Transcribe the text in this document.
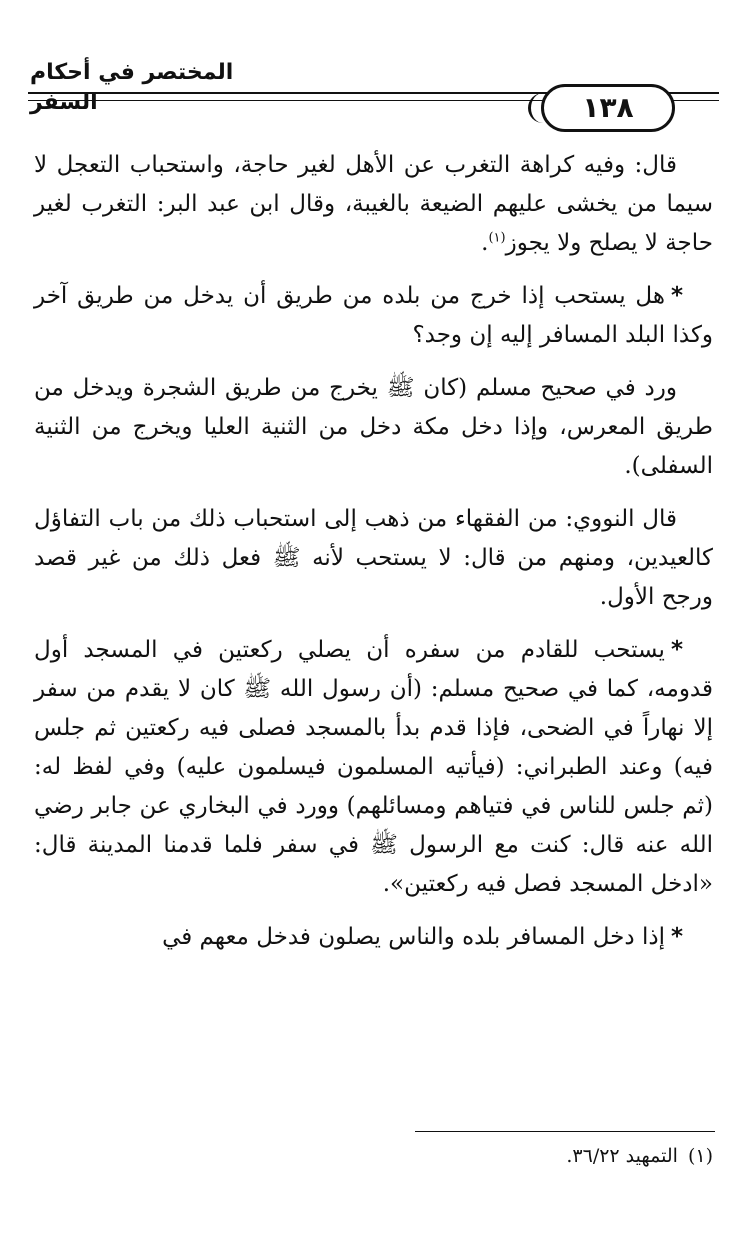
المختصر في أحكام السفر	١٣٨

قال: وفيه كراهة التغرب عن الأهل لغير حاجة، واستحباب التعجل لا سيما من يخشى عليهم الضيعة بالغيبة، وقال ابن عبد البر: التغرب لغير حاجة لا يصلح ولا يجوز$^{(١)}$.

*هل يستحب إذا خرج من بلده من طريق أن يدخل من طريق آخر وكذا البلد المسافر إليه إن وجد؟

ورد في صحيح مسلم (كان ﷺ يخرج من طريق الشجرة ويدخل من طريق المعرس، وإذا دخل مكة دخل من الثنية العليا ويخرج من الثنية السفلى).

قال النووي: من الفقهاء من ذهب إلى استحباب ذلك من باب التفاؤل كالعيدين، ومنهم من قال: لا يستحب لأنه ﷺ فعل ذلك من غير قصد ورجح الأول.

*يستحب للقادم من سفره أن يصلي ركعتين في المسجد أول قدومه، كما في صحيح مسلم: (أن رسول الله ﷺ كان لا يقدم من سفر إلا نهاراً في الضحى، فإذا قدم بدأ بالمسجد فصلى فيه ركعتين ثم جلس فيه) وعند الطبراني: (فيأتيه المسلمون فيسلمون عليه) وفي لفظ له: (ثم جلس للناس في فتياهم ومسائلهم) وورد في البخاري عن جابر رضي الله عنه قال: كنت مع الرسول ﷺ في سفر فلما قدمنا المدينة قال: «ادخل المسجد فصل فيه ركعتين».

*إذا دخل المسافر بلده والناس يصلون فدخل معهم في

(١)التمهيد ٣٦/٢٢.
